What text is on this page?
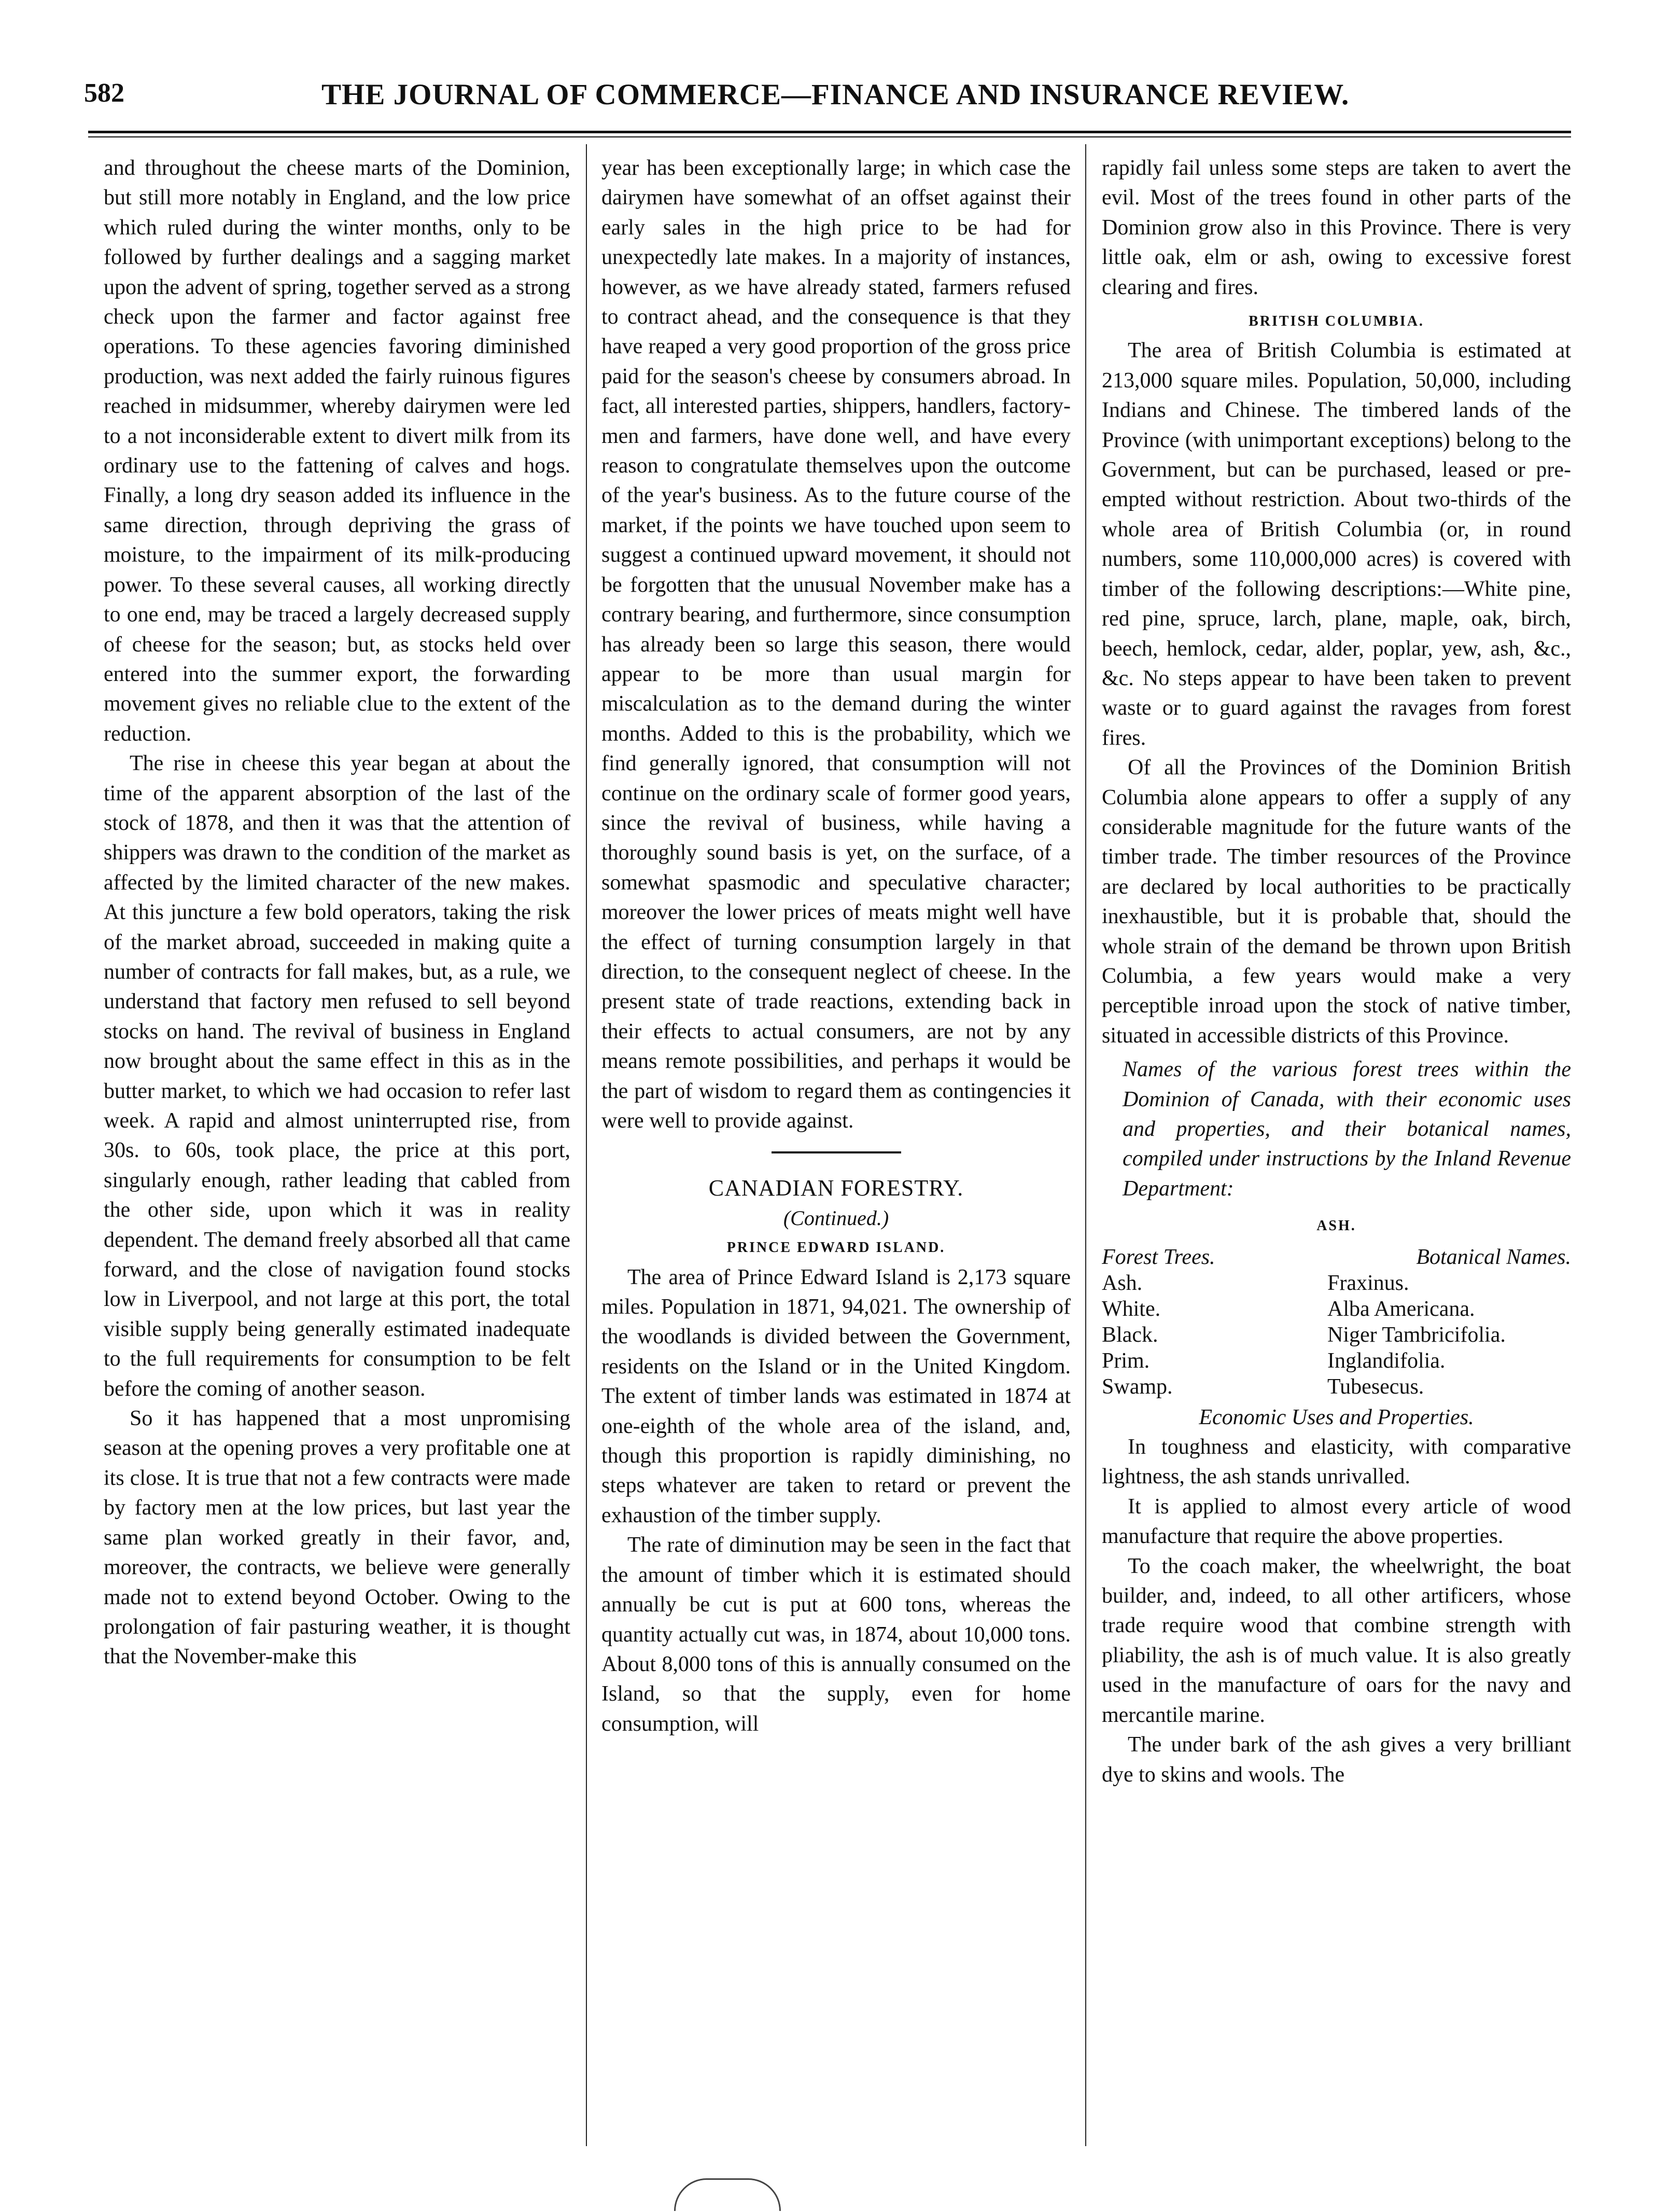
582	THE JOURNAL OF COMMERCE—FINANCE AND INSURANCE REVIEW.

and throughout the cheese marts of the Dominion, but still more notably in England, and the low price which ruled during the winter months, only to be followed by further dealings and a sagging market upon the advent of spring, together served as a strong check upon the farmer and factor against free operations. To these agencies favoring diminished production, was next added the fairly ruinous figures reached in midsummer, whereby dairymen were led to a not inconsiderable extent to divert milk from its ordinary use to the fattening of calves and hogs. Finally, a long dry season added its influence in the same direction, through depriving the grass of moisture, to the impairment of its milk-producing power. To these several causes, all working directly to one end, may be traced a largely decreased supply of cheese for the season; but, as stocks held over entered into the summer export, the forwarding movement gives no reliable clue to the extent of the reduction.

The rise in cheese this year began at about the time of the apparent absorption of the last of the stock of 1878, and then it was that the attention of shippers was drawn to the condition of the market as affected by the limited character of the new makes. At this juncture a few bold operators, taking the risk of the market abroad, succeeded in making quite a number of contracts for fall makes, but, as a rule, we understand that factory men refused to sell beyond stocks on hand. The revival of business in England now brought about the same effect in this as in the butter market, to which we had occasion to refer last week. A rapid and almost uninterrupted rise, from 30s. to 60s, took place, the price at this port, singularly enough, rather leading that cabled from the other side, upon which it was in reality dependent. The demand freely absorbed all that came forward, and the close of navigation found stocks low in Liverpool, and not large at this port, the total visible supply being generally estimated inadequate to the full requirements for consumption to be felt before the coming of another season.

So it has happened that a most unpromising season at the opening proves a very profitable one at its close. It is true that not a few contracts were made by factory men at the low prices, but last year the same plan worked greatly in their favor, and, moreover, the contracts, we believe were generally made not to extend beyond October. Owing to the prolongation of fair pasturing weather, it is thought that the November-make this

year has been exceptionally large; in which case the dairymen have somewhat of an offset against their early sales in the high price to be had for unexpectedly late makes. In a majority of instances, however, as we have already stated, farmers refused to contract ahead, and the consequence is that they have reaped a very good proportion of the gross price paid for the season's cheese by consumers abroad. In fact, all interested parties, shippers, handlers, factory-men and farmers, have done well, and have every reason to congratulate themselves upon the outcome of the year's business. As to the future course of the market, if the points we have touched upon seem to suggest a continued upward movement, it should not be forgotten that the unusual November make has a contrary bearing, and furthermore, since consumption has already been so large this season, there would appear to be more than usual margin for miscalculation as to the demand during the winter months. Added to this is the probability, which we find generally ignored, that consumption will not continue on the ordinary scale of former good years, since the revival of business, while having a thoroughly sound basis is yet, on the surface, of a somewhat spasmodic and speculative character; moreover the lower prices of meats might well have the effect of turning consumption largely in that direction, to the consequent neglect of cheese. In the present state of trade reactions, extending back in their effects to actual consumers, are not by any means remote possibilities, and perhaps it would be the part of wisdom to regard them as contingencies it were well to provide against.

CANADIAN FORESTRY.
(Continued.)
PRINCE EDWARD ISLAND.

The area of Prince Edward Island is 2,173 square miles. Population in 1871, 94,021. The ownership of the woodlands is divided between the Government, residents on the Island or in the United Kingdom. The extent of timber lands was estimated in 1874 at one-eighth of the whole area of the island, and, though this proportion is rapidly diminishing, no steps whatever are taken to retard or prevent the exhaustion of the timber supply.

The rate of diminution may be seen in the fact that the amount of timber which it is estimated should annually be cut is put at 600 tons, whereas the quantity actually cut was, in 1874, about 10,000 tons. About 8,000 tons of this is annually consumed on the Island, so that the supply, even for home consumption, will

rapidly fail unless some steps are taken to avert the evil. Most of the trees found in other parts of the Dominion grow also in this Province. There is very little oak, elm or ash, owing to excessive forest clearing and fires.

BRITISH COLUMBIA.

The area of British Columbia is estimated at 213,000 square miles. Population, 50,000, including Indians and Chinese. The timbered lands of the Province (with unimportant exceptions) belong to the Government, but can be purchased, leased or pre-empted without restriction. About two-thirds of the whole area of British Columbia (or, in round numbers, some 110,000,000 acres) is covered with timber of the following descriptions:—White pine, red pine, spruce, larch, plane, maple, oak, birch, beech, hemlock, cedar, alder, poplar, yew, ash, &c., &c. No steps appear to have been taken to prevent waste or to guard against the ravages from forest fires.

Of all the Provinces of the Dominion British Columbia alone appears to offer a supply of any considerable magnitude for the future wants of the timber trade. The timber resources of the Province are declared by local authorities to be practically inexhaustible, but it is probable that, should the whole strain of the demand be thrown upon British Columbia, a few years would make a very perceptible inroad upon the stock of native timber, situated in accessible districts of this Province.

Names of the various forest trees within the Dominion of Canada, with their economic uses and properties, and their botanical names, compiled under instructions by the Inland Revenue Department:

ASH.
Forest Trees.	Botanical Names.
Ash.	Fraxinus.
White.	Alba Americana.
Black.	Niger Tambricifolia.
Prim.	Inglandifolia.
Swamp.	Tubesecus.
Economic Uses and Properties.

In toughness and elasticity, with comparative lightness, the ash stands unrivalled.

It is applied to almost every article of wood manufacture that require the above properties.

To the coach maker, the wheelwright, the boat builder, and, indeed, to all other artificers, whose trade require wood that combine strength with pliability, the ash is of much value. It is also greatly used in the manufacture of oars for the navy and mercantile marine.

The under bark of the ash gives a very brilliant dye to skins and wools. The
